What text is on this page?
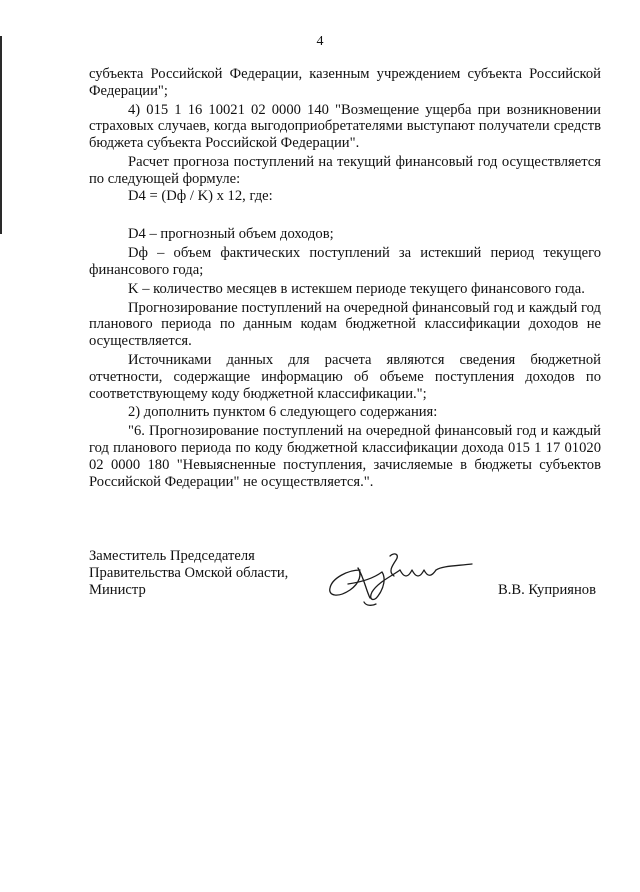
4

субъекта Российской Федерации, казенным учреждением субъекта Российской Федерации";

4) 015 1 16 10021 02 0000 140 "Возмещение ущерба при возникновении страховых случаев, когда выгодоприобретателями выступают получатели средств бюджета субъекта Российской Федерации".

Расчет прогноза поступлений на текущий финансовый год осуществляется по следующей формуле:

D4 = (Dф / K) x 12, где:

D4 – прогнозный объем доходов;

Dф – объем фактических поступлений за истекший период текущего финансового года;

K – количество месяцев в истекшем периоде текущего финансового года.

Прогнозирование поступлений на очередной финансовый год и каждый год планового периода по данным кодам бюджетной классификации доходов не осуществляется.

Источниками данных для расчета являются сведения бюджетной отчетности, содержащие информацию об объеме поступления доходов по соответствующему коду бюджетной классификации.";

2) дополнить пунктом 6 следующего содержания:

"6. Прогнозирование поступлений на очередной финансовый год и каждый год планового периода по коду бюджетной классификации дохода 015 1 17 01020 02 0000 180 "Невыясненные поступления, зачисляемые в бюджеты субъектов Российской Федерации" не осуществляется.".

Заместитель Председателя
Правительства Омской области,
Министр	В.В. Куприянов
